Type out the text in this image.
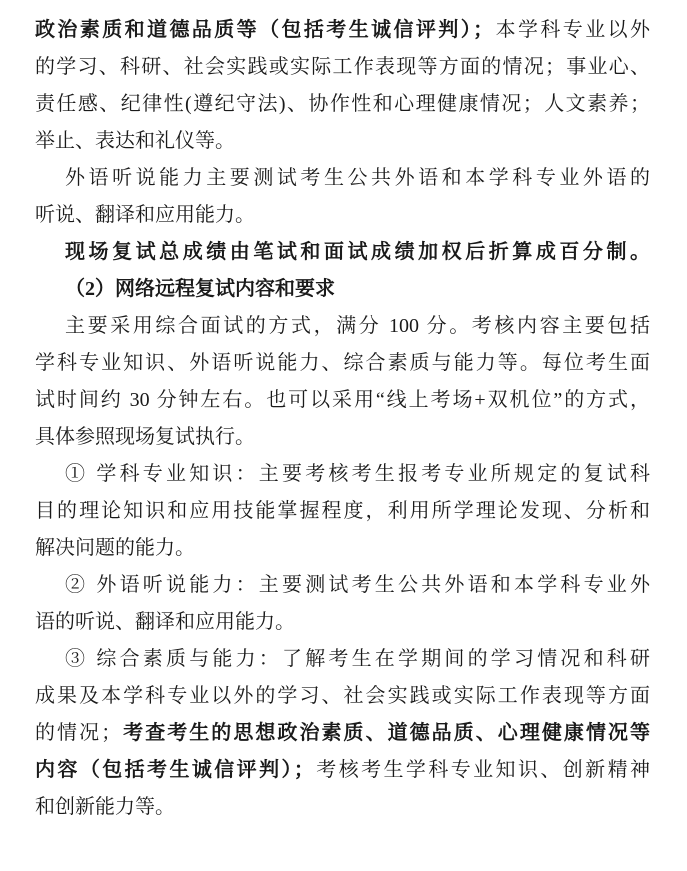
政治素质和道德品质等（包括考生诚信评判）；本学科专业以外
的学习、科研、社会实践或实际工作表现等方面的情况；事业心、
责任感、纪律性(遵纪守法)、协作性和心理健康情况；人文素养；
举止、表达和礼仪等。
外语听说能力主要测试考生公共外语和本学科专业外语的
听说、翻译和应用能力。
现场复试总成绩由笔试和面试成绩加权后折算成百分制。
（2）网络远程复试内容和要求
主要采用综合面试的方式，满分 100 分。考核内容主要包括
学科专业知识、外语听说能力、综合素质与能力等。每位考生面
试时间约 30 分钟左右。也可以采用“线上考场+双机位”的方式，
具体参照现场复试执行。
① 学科专业知识：主要考核考生报考专业所规定的复试科
目的理论知识和应用技能掌握程度，利用所学理论发现、分析和
解决问题的能力。
② 外语听说能力：主要测试考生公共外语和本学科专业外
语的听说、翻译和应用能力。
③ 综合素质与能力：了解考生在学期间的学习情况和科研
成果及本学科专业以外的学习、社会实践或实际工作表现等方面
的情况；考查考生的思想政治素质、道德品质、心理健康情况等
内容（包括考生诚信评判）；考核考生学科专业知识、创新精神
和创新能力等。
